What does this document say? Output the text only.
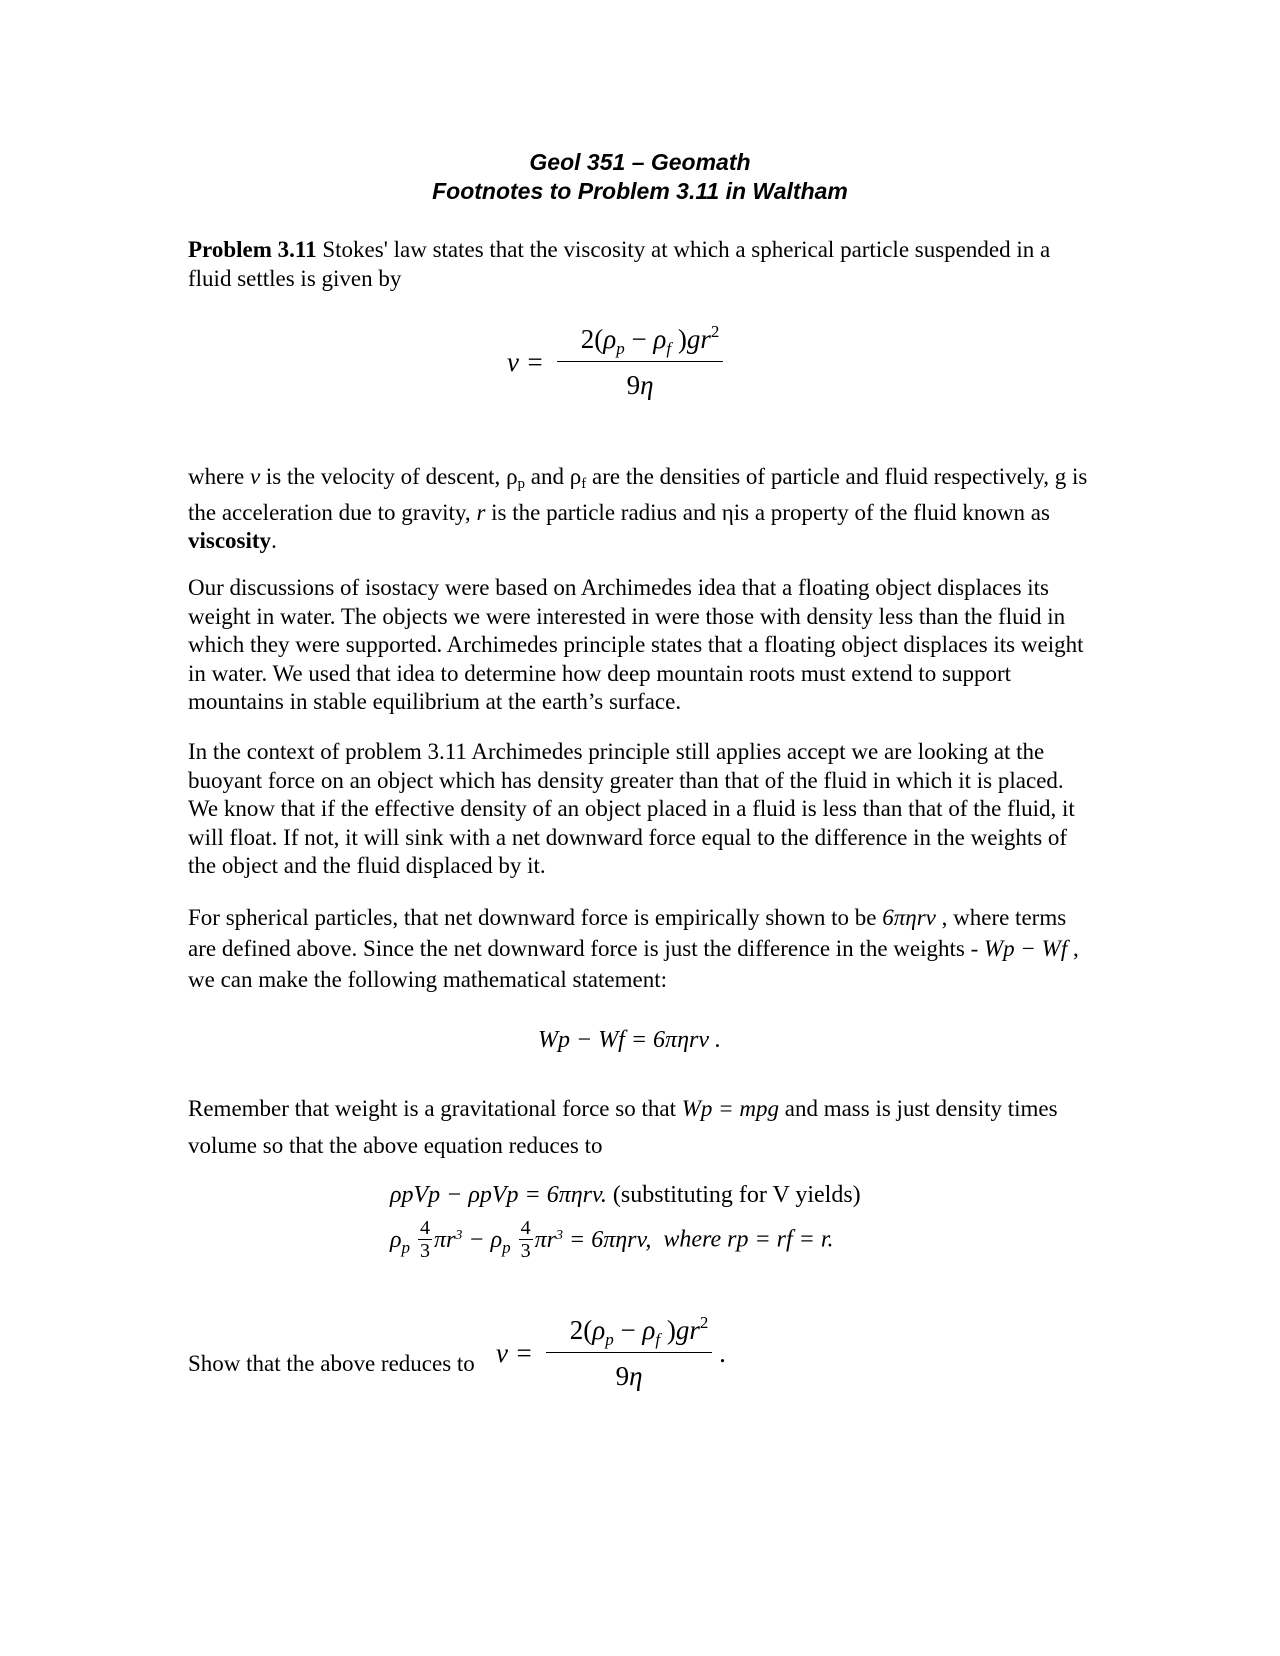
Geol 351 – Geomath
Footnotes to Problem 3.11 in Waltham
Problem 3.11 Stokes' law states that the viscosity at which a spherical particle suspended in a fluid settles is given by
$v = \frac{2(\rho_p - \rho_f )gr^2}{9\eta}$
where v is the velocity of descent, $\rho_p$ and $\rho_f$ are the densities of particle and fluid respectively, g is the acceleration due to gravity, r is the particle radius and ηis a property of the fluid known as viscosity.
Our discussions of isostacy were based on Archimedes idea that a floating object displaces its weight in water. The objects we were interested in were those with density less than the fluid in which they were supported. Archimedes principle states that a floating object displaces its weight in water. We used that idea to determine how deep mountain roots must extend to support mountains in stable equilibrium at the earth’s surface.
In the context of problem 3.11 Archimedes principle still applies accept we are looking at the buoyant force on an object which has density greater than that of the fluid in which it is placed. We know that if the effective density of an object placed in a fluid is less than that of the fluid, it will float. If not, it will sink with a net downward force equal to the difference in the weights of the object and the fluid displaced by it.
For spherical particles, that net downward force is empirically shown to be 6πηrv , where terms are defined above. Since the net downward force is just the difference in the weights - Wp − Wf , we can make the following mathematical statement:
Wp − Wf = 6πηrv .
Remember that weight is a gravitational force so that Wp = mpg and mass is just density times volume so that the above equation reduces to
ρpVp − ρpVp = 6πηrv. (substituting for V yields)
$\rho_p \frac{4}{3} \pi r^3 - \rho_p \frac{4}{3} \pi r^3 = 6\pi\eta rv$,  where rp = rf = r.
Show that the above reduces to $v = \frac{2(\rho_p - \rho_f )gr^2}{9\eta}$ .
